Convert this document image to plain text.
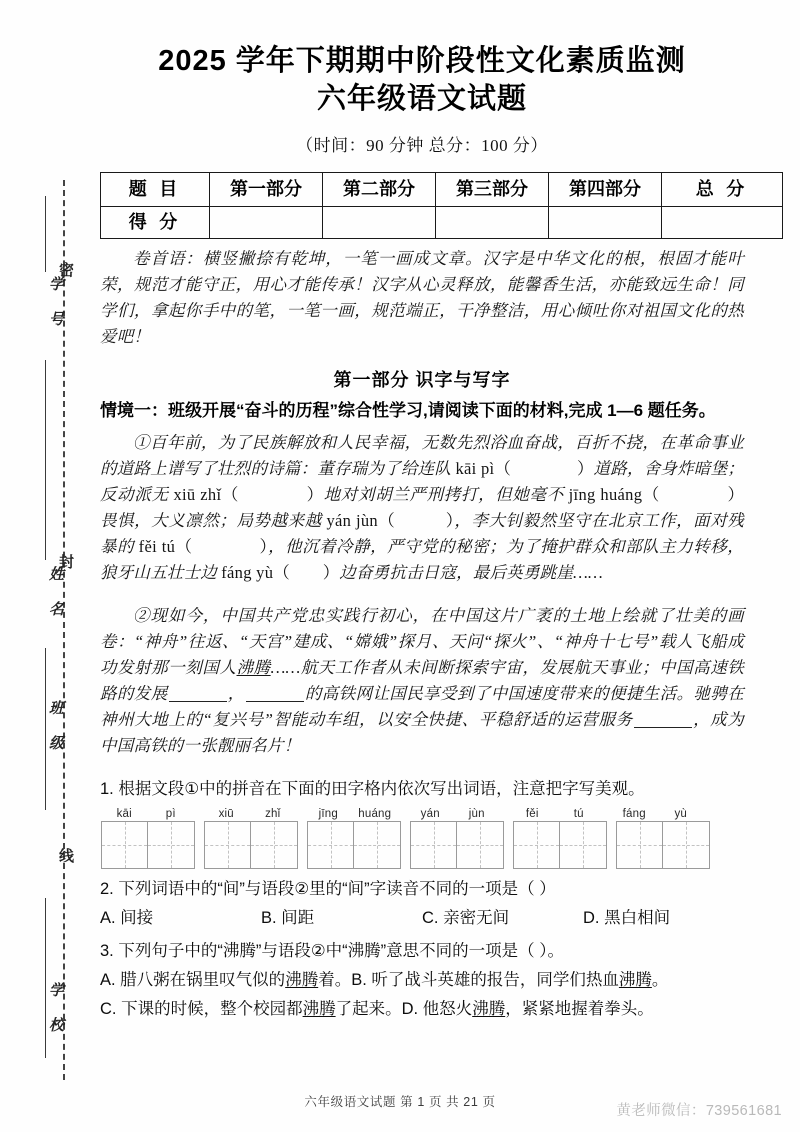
学 号
姓 名
班 级
学 校
密
封
线
2025 学年下期期中阶段性文化素质监测
六年级语文试题
（时间：90 分钟 总分：100 分）
题 目	第一部分	第二部分	第三部分	第四部分	总 分
得 分					

卷首语：横竖撇捺有乾坤，一笔一画成文章。汉字是中华文化的根，根固才能叶荣，规范才能守正，用心才能传承！汉字从心灵释放，能馨香生活，亦能致远生命！同学们，拿起你手中的笔，一笔一画，规范端正，干净整洁，用心倾吐你对祖国文化的热爱吧！

第一部分 识字与写字
情境一：班级开展“奋斗的历程”综合性学习,请阅读下面的材料,完成 1—6 题任务。

①百年前，为了民族解放和人民幸福，无数先烈浴血奋战，百折不挠，在革命事业的道路上谱写了壮烈的诗篇：董存瑞为了给连队 kāi pì（　　　　）道路，舍身炸暗堡；反动派无 xiū zhǐ（　　　　）地对刘胡兰严刑拷打，但她毫不 jīng huáng（　　　　）畏惧，大义凛然；局势越来越 yán jùn（　　　），李大钊毅然坚守在北京工作，面对残暴的 fěi tú（　　　　），他沉着冷静，严守党的秘密；为了掩护群众和部队主力转移，狼牙山五壮士边 fáng yù（　　）边奋勇抗击日寇，最后英勇跳崖……

②现如今，中国共产党忠实践行初心，在中国这片广袤的土地上绘就了壮美的画卷：“神舟”往返、“天宫”建成、“嫦娥”探月、天问“探火”、“神舟十七号”载人飞船成功发射那一刻国人沸腾……航天工作者从未间断探索宇宙，发展航天事业；中国高速铁路的发展	，	的高铁网让国民享受到了中国速度带来的便捷生活。驰骋在神州大地上的“复兴号”智能动车组，以安全快捷、平稳舒适的运营服务	，成为中国高铁的一张靓丽名片！

1. 根据文段①中的拼音在下面的田字格内依次写出词语，注意把字写美观。
kāi	pì	xiū	zhǐ	jīng	huáng	yán	jùn	fěi	tú	fáng	yù
2. 下列词语中的“间”与语段②里的“间”字读音不同的一项是（ ）
A. 间接	B. 间距	C. 亲密无间	D. 黑白相间
3. 下列句子中的“沸腾”与语段②中“沸腾”意思不同的一项是（ ）。
A. 腊八粥在锅里叹气似的沸腾着。B. 听了战斗英雄的报告，同学们热血沸腾。
C. 下课的时候，整个校园都沸腾了起来。D. 他怒火沸腾，紧紧地握着拳头。
六年级语文试题 第 1 页 共 21 页
黄老师微信：739561681
